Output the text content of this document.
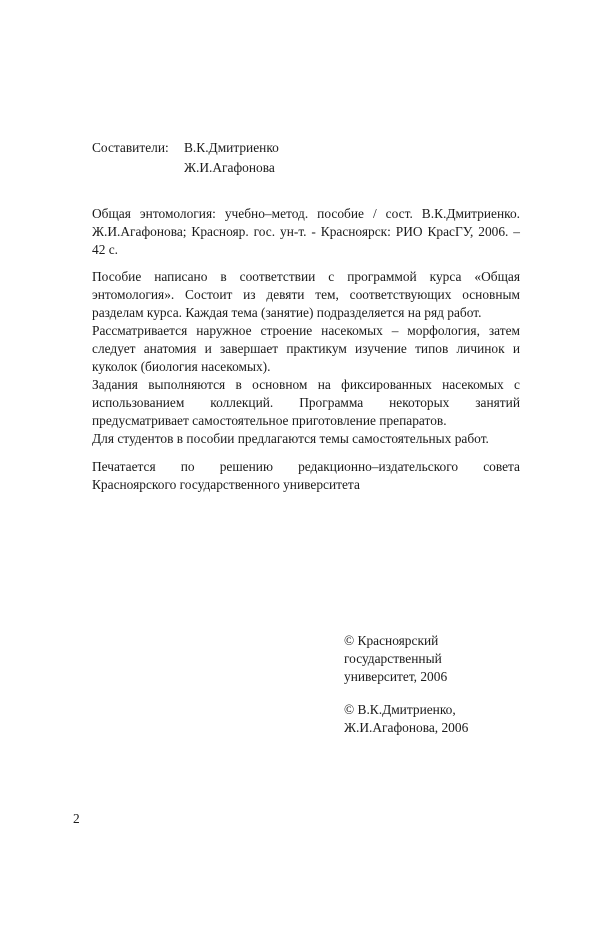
Составители:	В.К.Дмитриенко
Ж.И.Агафонова
Общая энтомология: учебно–метод. пособие / сост. В.К.Дмитриенко. Ж.И.Агафонова; Краснояр. гос. ун-т. - Красноярск: РИО КрасГУ, 2006. – 42 с.

Пособие написано в соответствии с программой курса «Общая энтомология». Состоит из девяти тем, соответствующих основным разделам курса. Каждая тема (занятие) подразделяется на ряд работ.

Рассматривается наружное строение насекомых – морфология, затем следует анатомия и завершает практикум изучение типов личинок и куколок (биология насекомых).

Задания выполняются в основном на фиксированных насекомых с использованием коллекций. Программа некоторых занятий предусматривает самостоятельное приготовление препаратов.

Для студентов в пособии предлагаются темы самостоятельных работ.

Печатается по решению редакционно–издательского совета Красноярского государственного университета
© Красноярский
государственный
университет, 2006
© В.К.Дмитриенко,
Ж.И.Агафонова, 2006
2
